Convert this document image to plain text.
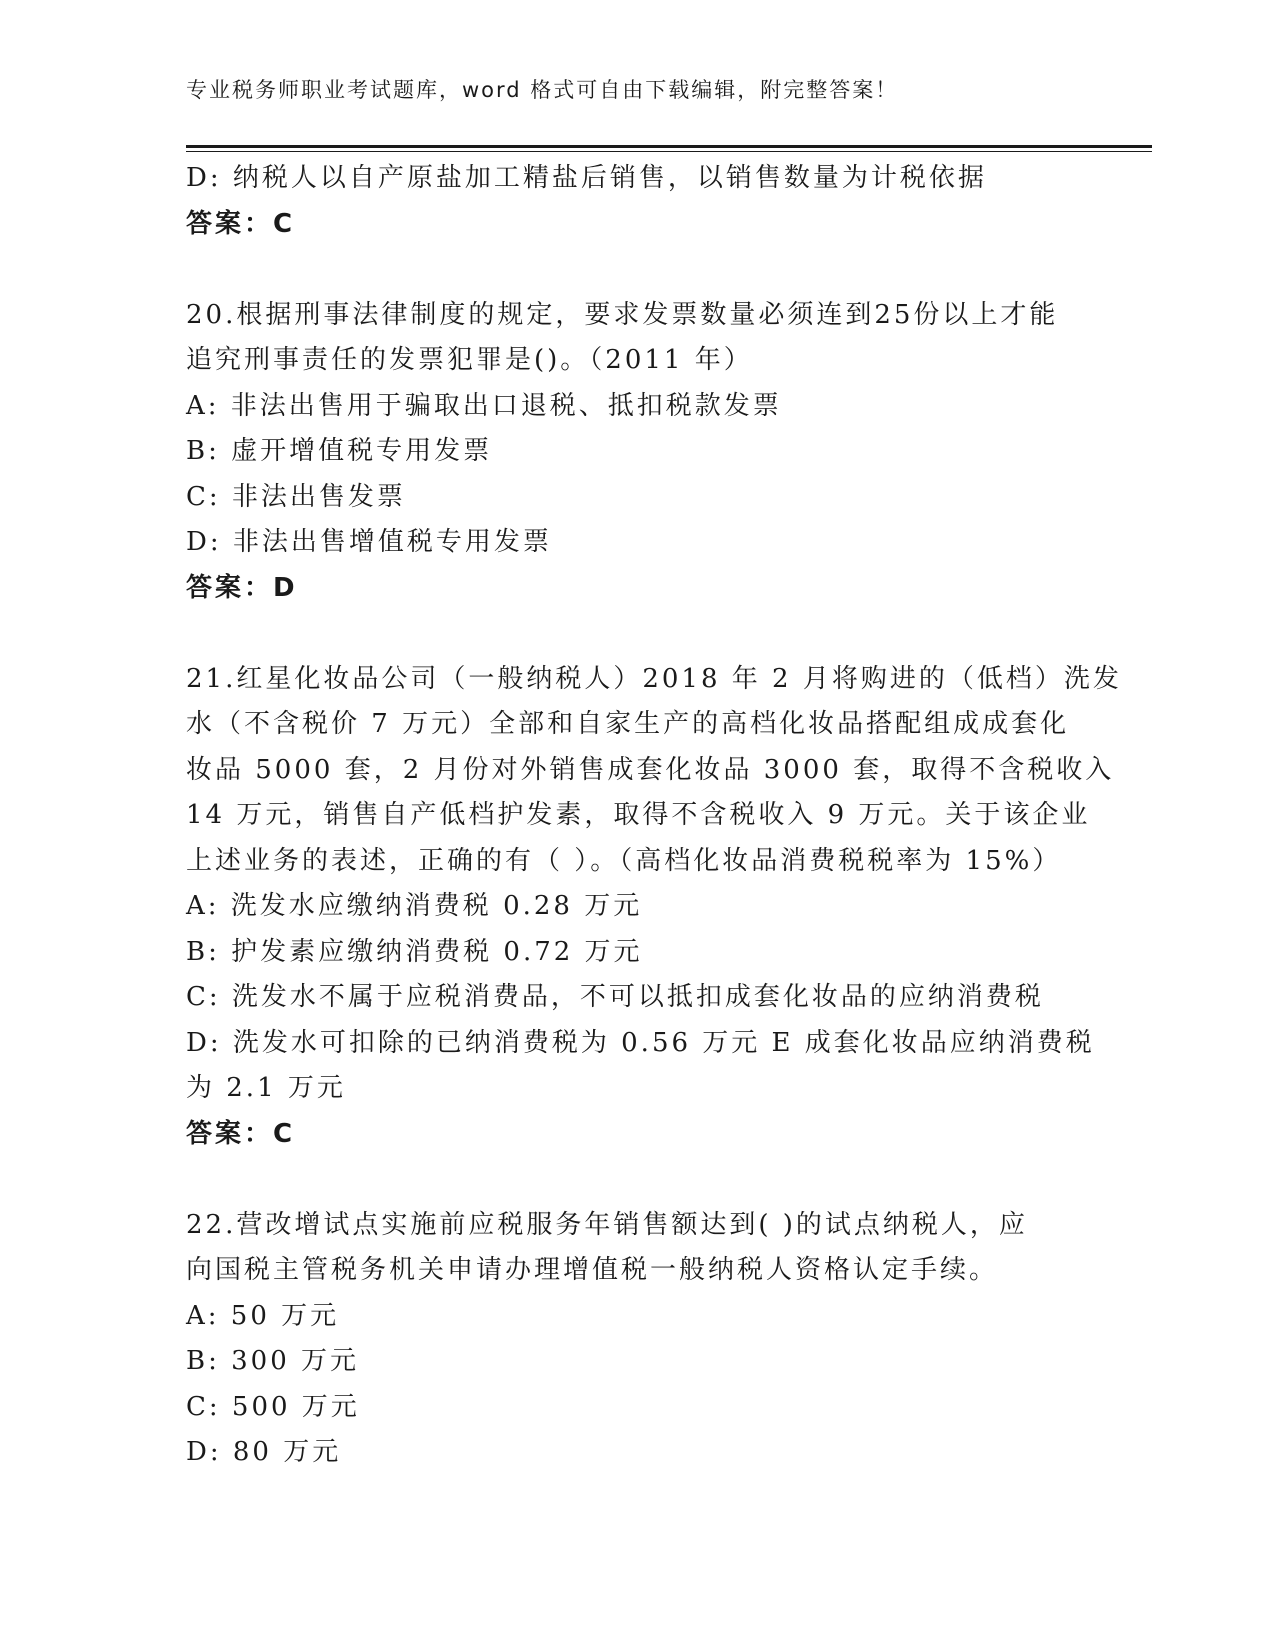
专业税务师职业考试题库，word 格式可自由下载编辑，附完整答案！
D: 纳税人以自产原盐加工精盐后销售，以销售数量为计税依据
答案：C
20.根据刑事法律制度的规定，要求发票数量必须连到25份以上才能
追究刑事责任的发票犯罪是()。（2011 年）
A: 非法出售用于骗取出口退税、抵扣税款发票
B: 虚开增值税专用发票
C: 非法出售发票
D: 非法出售增值税专用发票
答案：D
21.红星化妆品公司（一般纳税人）2018 年 2 月将购进的（低档）洗发
水（不含税价 7 万元）全部和自家生产的高档化妆品搭配组成成套化
妆品 5000 套，2 月份对外销售成套化妆品 3000 套，取得不含税收入
14 万元，销售自产低档护发素，取得不含税收入 9 万元。关于该企业
上述业务的表述，正确的有（ ）。（高档化妆品消费税税率为 15%）
A: 洗发水应缴纳消费税 0.28 万元
B: 护发素应缴纳消费税 0.72 万元
C: 洗发水不属于应税消费品，不可以抵扣成套化妆品的应纳消费税
D: 洗发水可扣除的已纳消费税为 0.56 万元 E 成套化妆品应纳消费税
为 2.1 万元
答案：C
22.营改增试点实施前应税服务年销售额达到( )的试点纳税人，应
向国税主管税务机关申请办理增值税一般纳税人资格认定手续。
A: 50 万元
B: 300 万元
C: 500 万元
D: 80 万元
